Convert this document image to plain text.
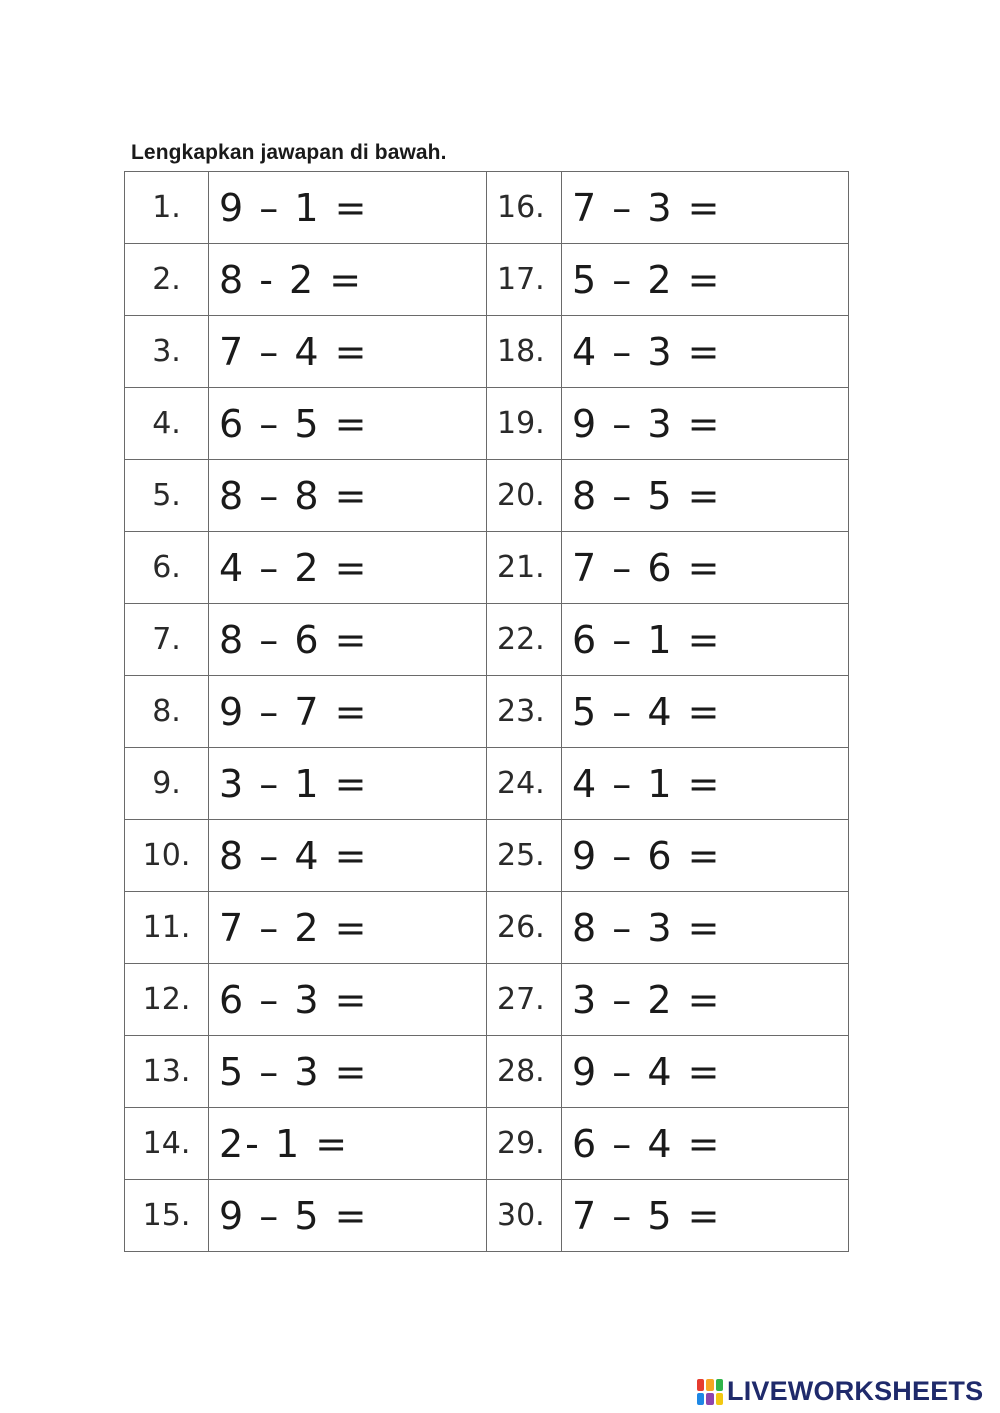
Lengkapkan jawapan di bawah.
1.	9 – 1 =	16.	7 – 3 =
2.	8 - 2 =	17.	5 – 2 =
3.	7 – 4 =	18.	4 – 3 =
4.	6 – 5 =	19.	9 – 3 =
5.	8 – 8 =	20.	8 – 5 =
6.	4 – 2 =	21.	7 – 6 =
7.	8 – 6 =	22.	6 – 1 =
8.	9 – 7 =	23.	5 – 4 =
9.	3 – 1 =	24.	4 – 1 =
10.	8 – 4 =	25.	9 – 6 =
11.	7 – 2 =	26.	8 – 3 =
12.	6 – 3 =	27.	3 – 2 =
13.	5 – 3 =	28.	9 – 4 =
14.	2- 1 =	29.	6 – 4 =
15.	9 – 5 =	30.	7 – 5 =
LIVEWORKSHEETS
